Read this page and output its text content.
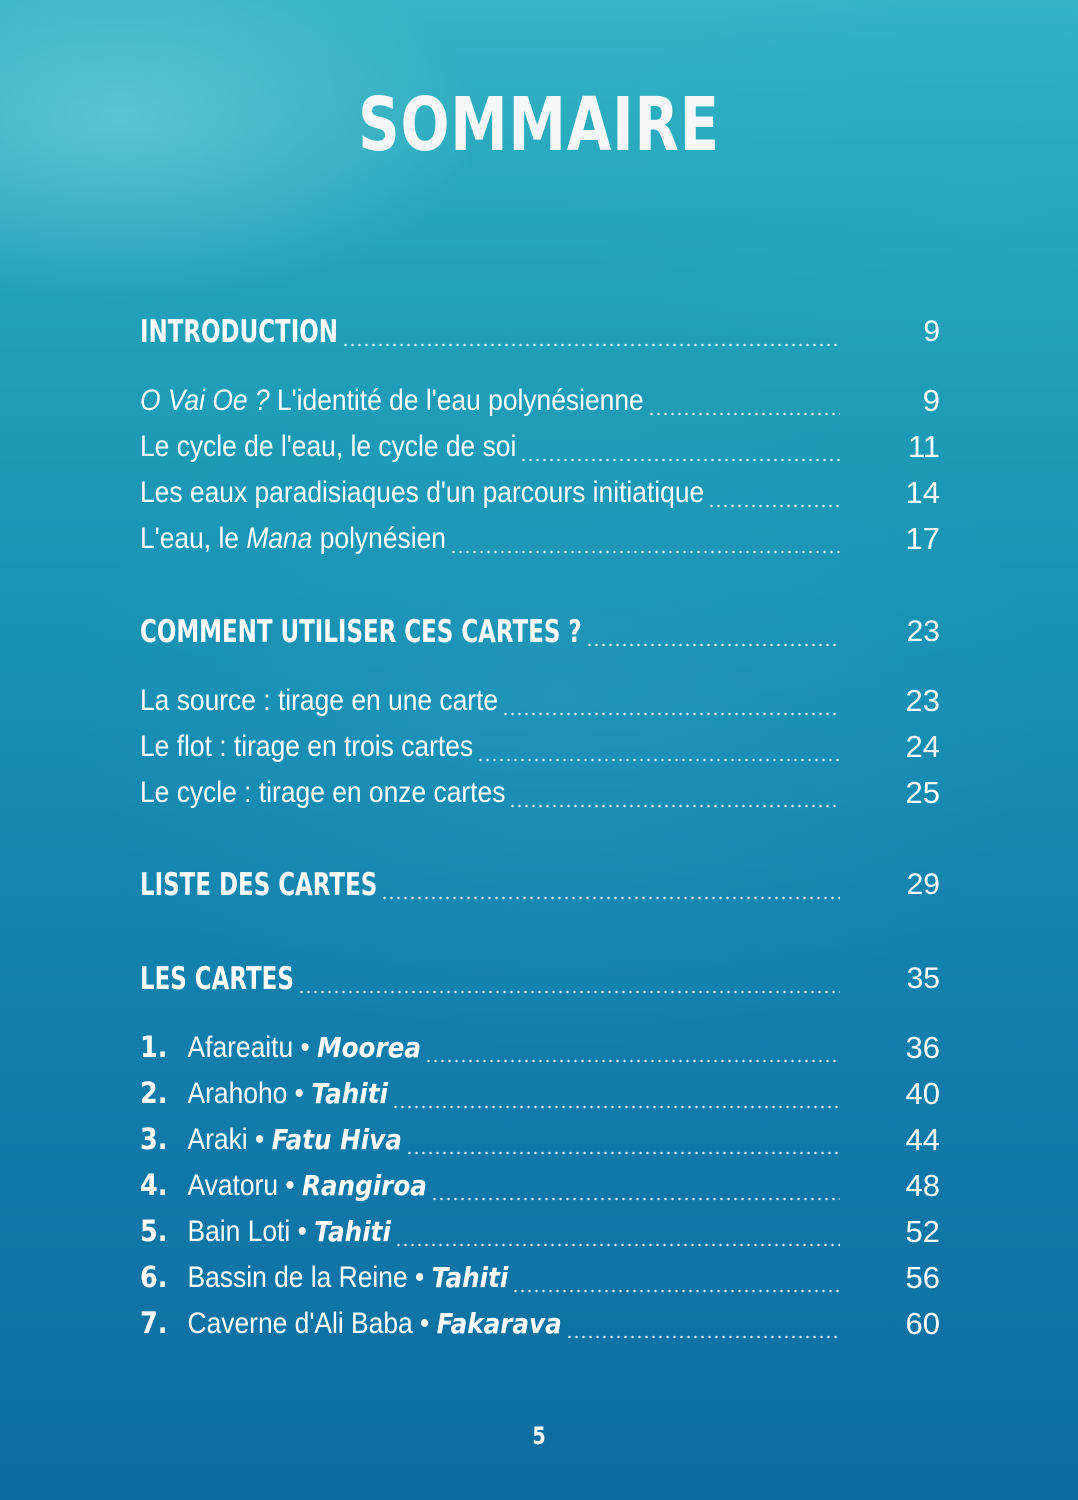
SOMMAIRE
INTRODUCTION	9
O Vai Oe ? L'identité de l'eau polynésienne	9
Le cycle de l'eau, le cycle de soi	11
Les eaux paradisiaques d'un parcours initiatique	14
L'eau, le Mana polynésien	17
COMMENT UTILISER CES CARTES ?	23
La source : tirage en une carte	23
Le flot : tirage en trois cartes	24
Le cycle : tirage en onze cartes	25
LISTE DES CARTES	29
LES CARTES	35
1. Afareaitu • Moorea	36
2. Arahoho • Tahiti	40
3. Araki • Fatu Hiva	44
4. Avatoru • Rangiroa	48
5. Bain Loti • Tahiti	52
6. Bassin de la Reine • Tahiti	56
7. Caverne d'Ali Baba • Fakarava	60
5
